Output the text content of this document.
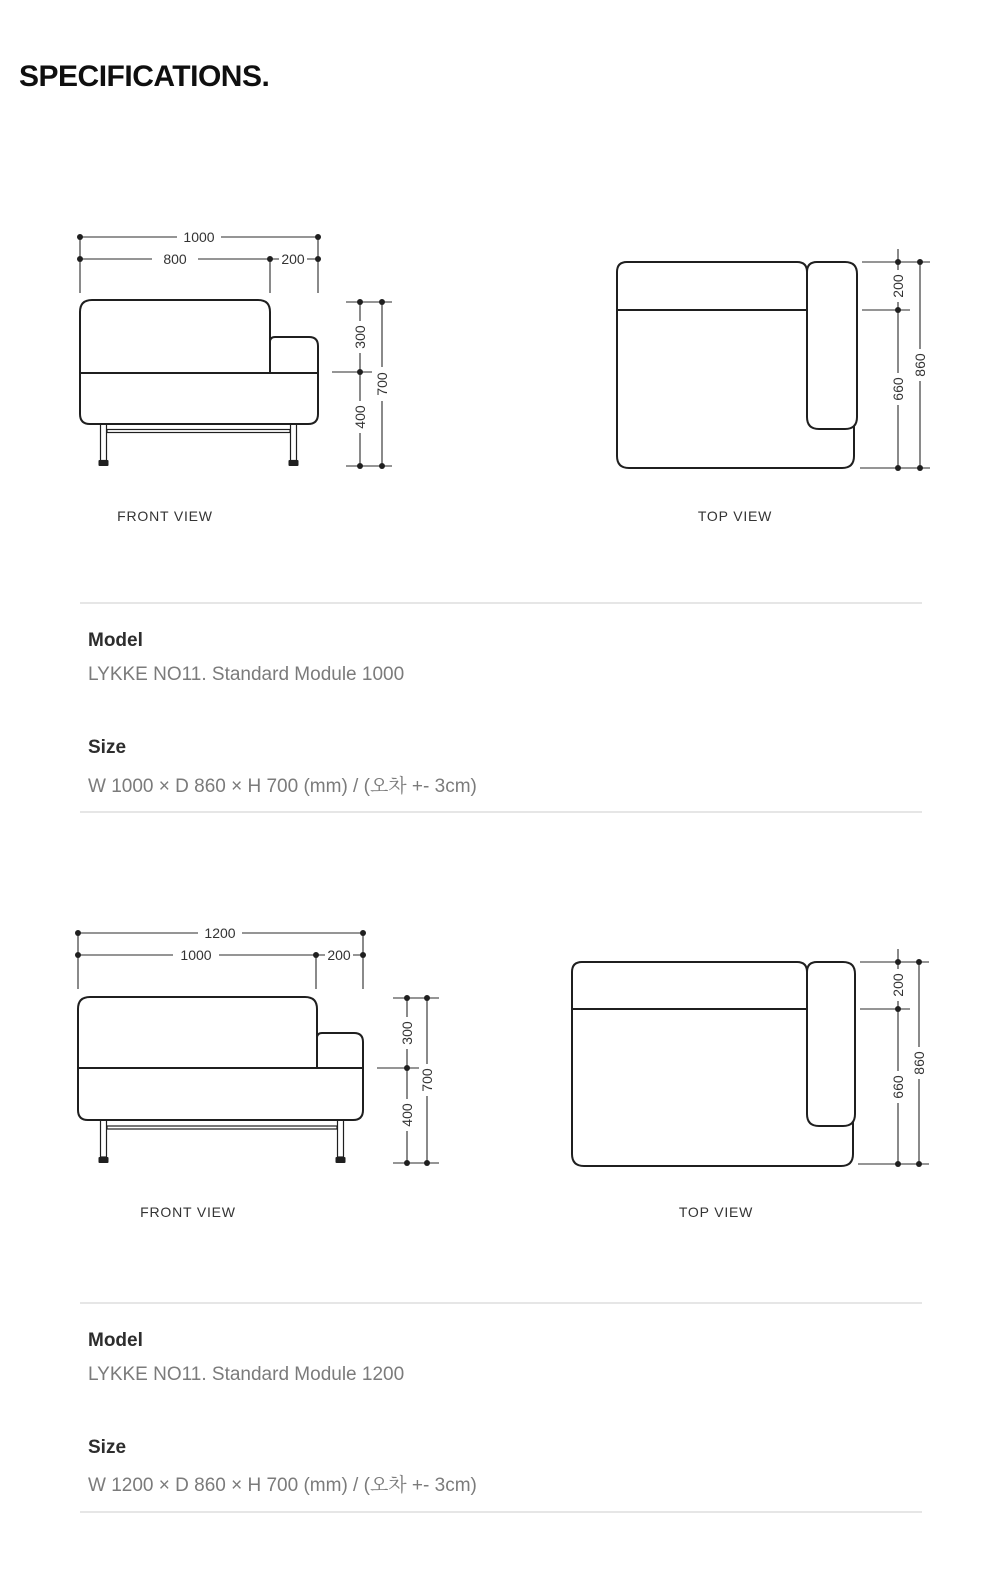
SPECIFICATIONS.
1000
800	200
300
400
700
200
660
860
FRONT VIEW	TOP VIEW
Model
LYKKE NO11. Standard Module 1000
Size
W 1000 × D 860 × H 700 (mm) / (오차 +- 3cm)
1200
1000	200
300
400
700
200
660
860
FRONT VIEW	TOP VIEW
Model
LYKKE NO11. Standard Module 1200
Size
W 1200 × D 860 × H 700 (mm) / (오차 +- 3cm)
